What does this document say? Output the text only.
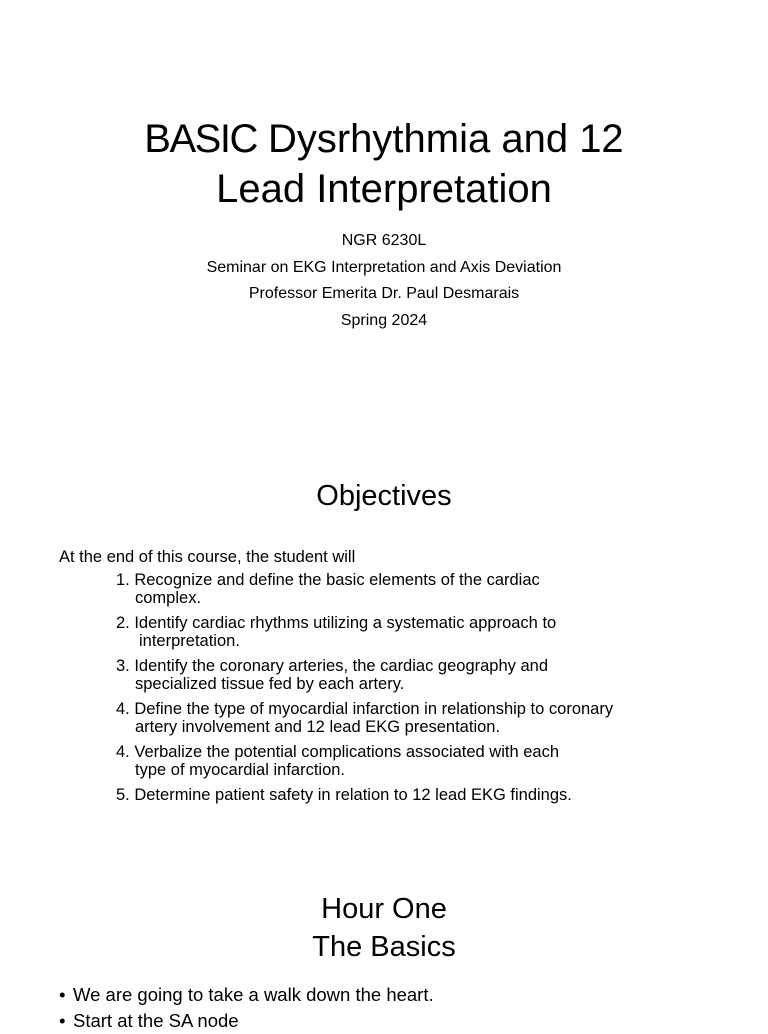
BASIC Dysrhythmia and 12
Lead Interpretation
NGR 6230L
Seminar on EKG Interpretation and Axis Deviation
Professor Emerita Dr. Paul Desmarais
Spring 2024
Objectives
At the end of this course, the student will
1. Recognize and define the basic elements of the cardiac
complex.
2. Identify cardiac rhythms utilizing a systematic approach to
interpretation.
3. Identify the coronary arteries, the cardiac geography and
specialized tissue fed by each artery.
4. Define the type of myocardial infarction in relationship to coronary
artery involvement and 12 lead EKG presentation.
4. Verbalize the potential complications associated with each
type of myocardial infarction.
5. Determine patient safety in relation to 12 lead EKG findings.
Hour One
The Basics
• We are going to take a walk down the heart.
• Start at the SA node
